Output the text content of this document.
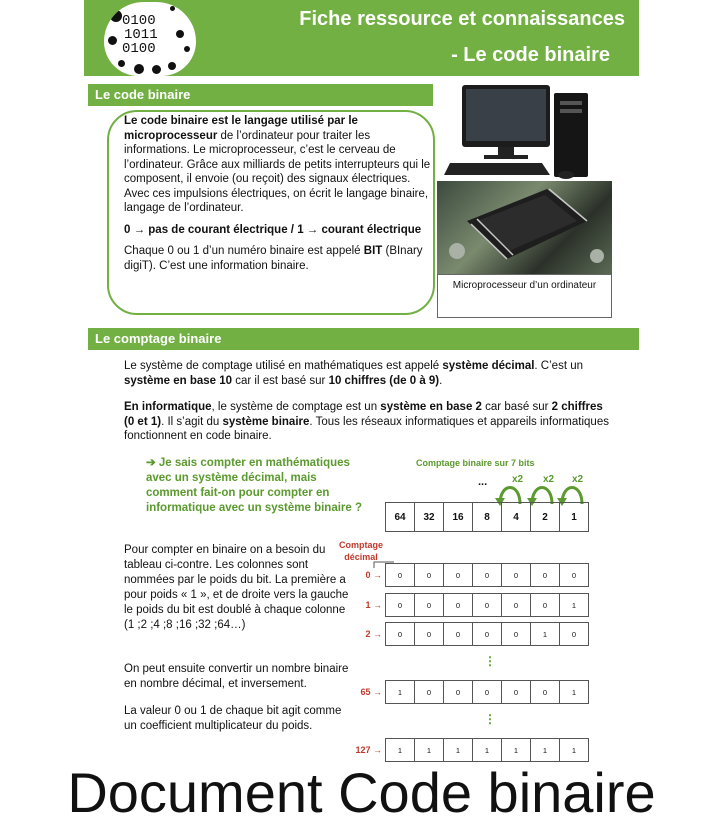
0100
1011
0100
Fiche ressource et connaissances
- Le code binaire
Le code binaire

Le code binaire est le langage utilisé par le microprocesseur de l’ordinateur pour traiter les informations. Le microprocesseur, c’est le cerveau de l’ordinateur. Grâce aux milliards de petits interrupteurs qui le composent, il envoie (ou reçoit) des signaux électriques. Avec ces impulsions électriques, on écrit le langage binaire, langage de l’ordinateur.

0 → pas de courant électrique / 1 → courant électrique

Chaque 0 ou 1 d’un numéro binaire est appelé BIT (BInary digiT). C’est une information binaire.

Microprocesseur d’un ordinateur
Le comptage binaire

Le système de comptage utilisé en mathématiques est appelé système décimal. C’est un système en base 10 car il est basé sur 10 chiffres (de 0 à 9).

En informatique, le système de comptage est un système en base 2 car basé sur 2 chiffres (0 et 1). Il s’agit du système binaire. Tous les réseaux informatiques et appareils informatiques fonctionnent en code binaire.

➔ Je sais compter en mathématiques avec un système décimal, mais comment fait-on pour compter en informatique avec un système binaire ?
Pour compter en binaire on a besoin du tableau ci-contre. Les colonnes sont nommées par le poids du bit. La première a pour poids « 1 », et de droite vers la gauche le poids du bit est doublé à chaque colonne (1 ;2 ;4 ;8 ;16 ;32 ;64…)
On peut ensuite convertir un nombre binaire en nombre décimal, et inversement.
La valeur 0 ou 1 de chaque bit agit comme un coefficient multiplicateur du poids.
Comptage binaire sur 7 bits
... x2 x2 x2
64	32	16	8	4	2	1
Comptage décimal
0 → 0	0	0	0	0	0	0
1 → 0	0	0	0	0	0	1
2 → 0	0	0	0	0	1	0
⋮
65 → 1	0	0	0	0	0	1
⋮
127 → 1	1	1	1	1	1	1
Document Code binaire
